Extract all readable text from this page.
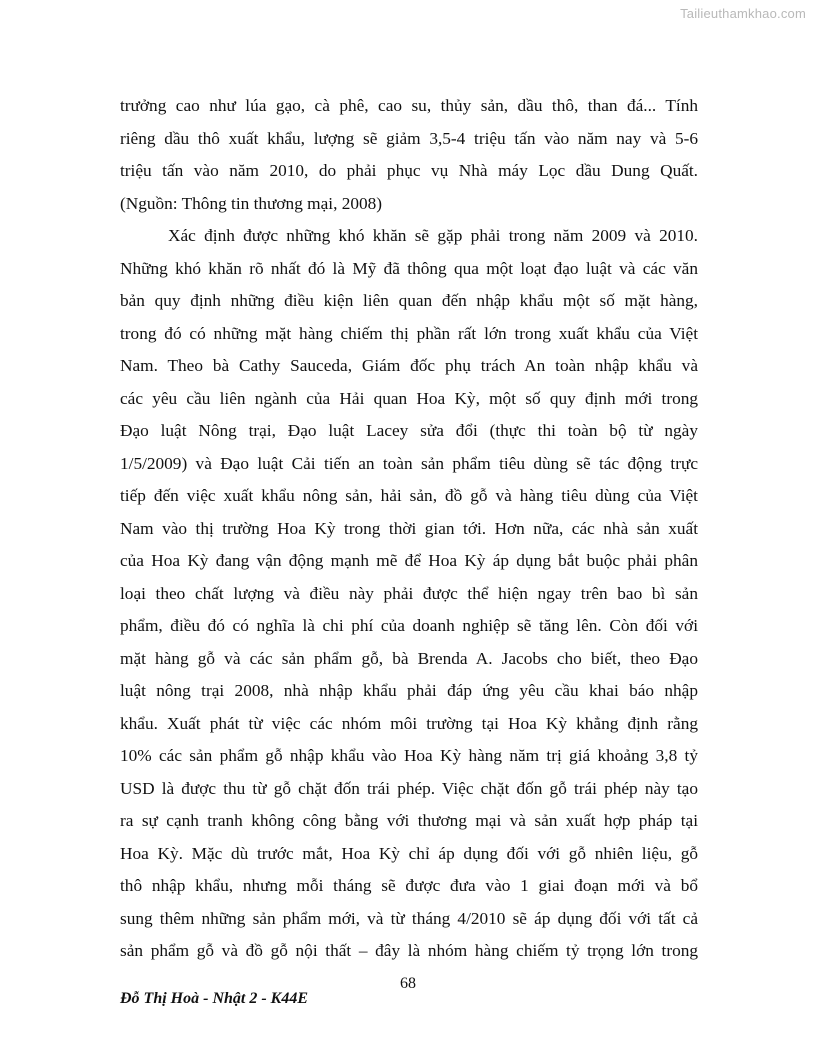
Tailieuthamkhao.com
trưởng cao như lúa gạo, cà phê, cao su, thủy sản, dầu thô, than đá... Tính
riêng dầu thô xuất khẩu, lượng sẽ giảm 3,5-4 triệu tấn vào năm nay và 5-6
triệu tấn vào năm 2010, do phải phục vụ Nhà máy Lọc dầu Dung Quất.
(Nguồn: Thông tin thương mại, 2008)
Xác định được những khó khăn sẽ gặp phải trong năm 2009 và 2010.
Những khó khăn rõ nhất đó là Mỹ đã thông qua một loạt đạo luật và các văn
bản quy định những điều kiện liên quan đến nhập khẩu một số mặt hàng,
trong đó có những mặt hàng chiếm thị phần rất lớn trong xuất khẩu của Việt
Nam. Theo bà Cathy Sauceda, Giám đốc phụ trách An toàn nhập khẩu và
các yêu cầu liên ngành của Hải quan Hoa Kỳ, một số quy định mới trong
Đạo luật Nông trại, Đạo luật Lacey sửa đổi (thực thi toàn bộ từ ngày
1/5/2009) và Đạo luật Cải tiến an toàn sản phẩm tiêu dùng sẽ tác động trực
tiếp đến việc xuất khẩu nông sản, hải sản, đồ gỗ và hàng tiêu dùng của Việt
Nam vào thị trường Hoa Kỳ trong thời gian tới. Hơn nữa, các nhà sản xuất
của Hoa Kỳ đang vận động mạnh mẽ để Hoa Kỳ áp dụng bắt buộc phải phân
loại theo chất lượng và điều này phải được thể hiện ngay trên bao bì sản
phẩm, điều đó có nghĩa là chi phí của doanh nghiệp sẽ tăng lên. Còn đối với
mặt hàng gỗ và các sản phẩm gỗ, bà Brenda A. Jacobs cho biết, theo Đạo
luật nông trại 2008, nhà nhập khẩu phải đáp ứng yêu cầu khai báo nhập
khẩu. Xuất phát từ việc các nhóm môi trường tại Hoa Kỳ khẳng định rằng
10% các sản phẩm gỗ nhập khẩu vào Hoa Kỳ hàng năm trị giá khoảng 3,8 tỷ
USD là được thu từ gỗ chặt đốn trái phép. Việc chặt đốn gỗ trái phép này tạo
ra sự cạnh tranh không công bằng với thương mại và sản xuất hợp pháp tại
Hoa Kỳ. Mặc dù trước mắt, Hoa Kỳ chỉ áp dụng đối với gỗ nhiên liệu, gỗ
thô nhập khẩu, nhưng mỗi tháng sẽ được đưa vào 1 giai đoạn mới và bổ
sung thêm những sản phẩm mới, và từ tháng 4/2010 sẽ áp dụng đối với tất cả
sản phẩm gỗ và đồ gỗ nội thất – đây là nhóm hàng chiếm tỷ trọng lớn trong
68
Đỗ Thị Hoà - Nhật 2 - K44E
